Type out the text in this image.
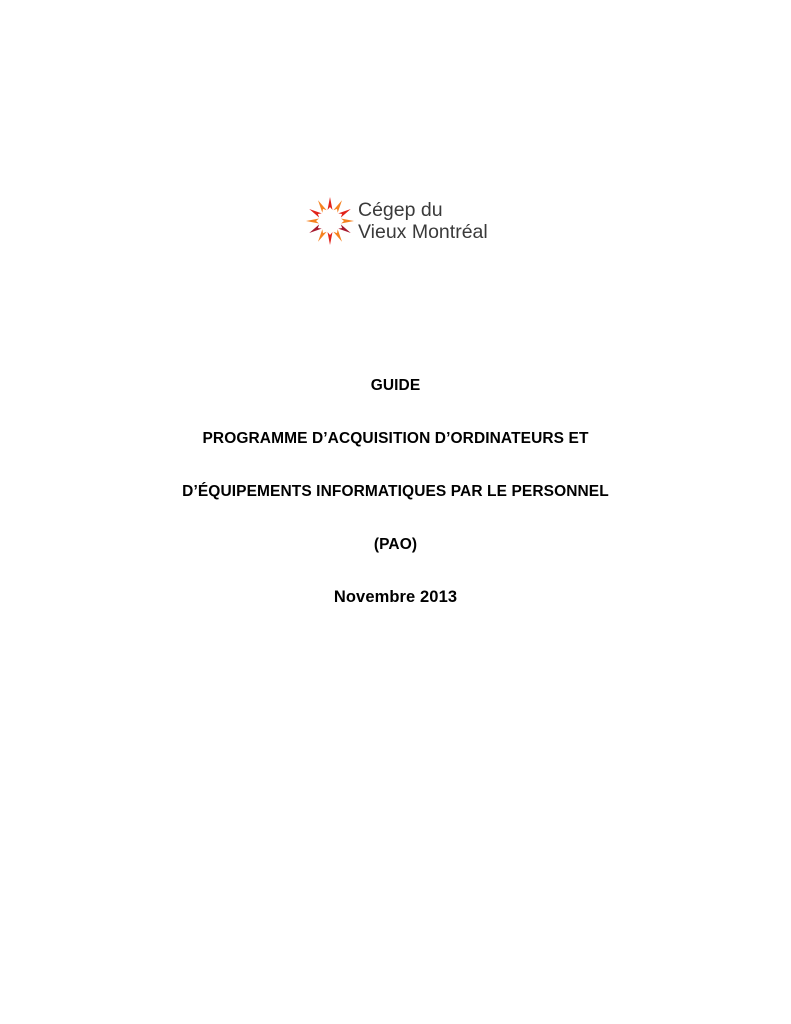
Cégep du
Vieux Montréal

GUIDE

PROGRAMME D’ACQUISITION D’ORDINATEURS ET

D’ÉQUIPEMENTS INFORMATIQUES PAR LE PERSONNEL

(PAO)

Novembre 2013
